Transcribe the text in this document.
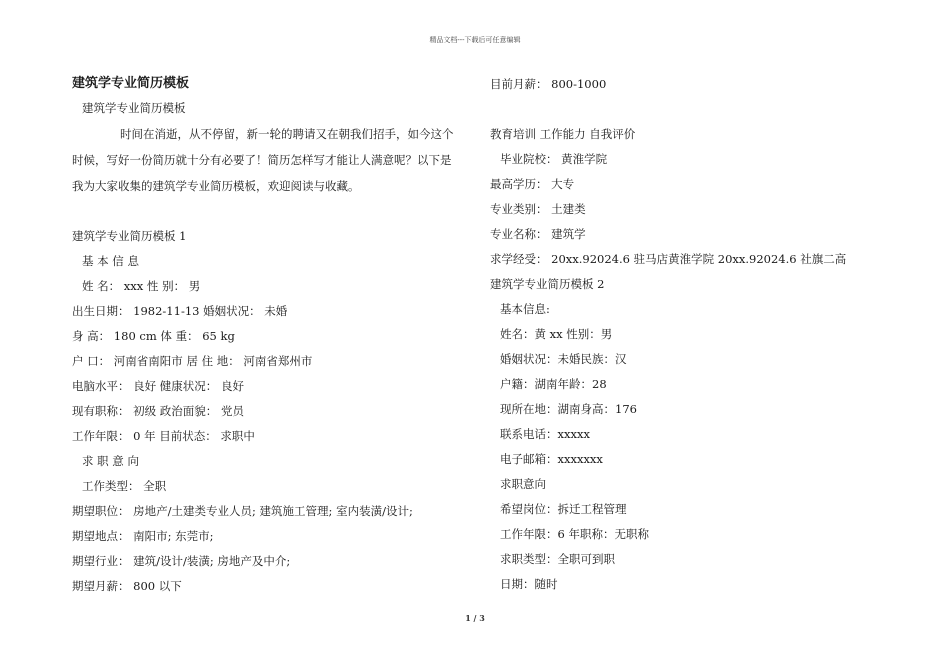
精品文档---下载后可任意编辑
建筑学专业简历模板
建筑学专业简历模板
时间在消逝，从不停留，新一轮的聘请又在朝我们招手，如今这个时候，写好一份简历就十分有必要了！简历怎样写才能让人满意呢？以下是我为大家收集的建筑学专业简历模板，欢迎阅读与收藏。
建筑学专业简历模板 1
基 本 信 息
姓 名： xxx 性 别： 男
出生日期： 1982-11-13 婚姻状况： 未婚
身 高： 180 cm 体 重： 65 kg
户 口： 河南省南阳市 居 住 地： 河南省郑州市
电脑水平： 良好 健康状况： 良好
现有职称： 初级 政治面貌： 党员
工作年限： 0 年 目前状态： 求职中
求 职 意 向
工作类型： 全职
期望职位： 房地产/土建类专业人员; 建筑施工管理; 室内装潢/设计;
期望地点： 南阳市; 东莞市;
期望行业： 建筑/设计/装潢; 房地产及中介;
期望月薪： 800 以下
目前月薪： 800-1000
教育培训 工作能力 自我评价
毕业院校： 黄淮学院
最高学历： 大专
专业类别： 土建类
专业名称： 建筑学
求学经受： 20xx.92024.6 驻马店黄淮学院 20xx.92024.6 社旗二高
建筑学专业简历模板 2
基本信息:
姓名：黄 xx 性别：男
婚姻状况：未婚民族：汉
户籍：湖南年龄：28
现所在地：湖南身高：176
联系电话：xxxxx
电子邮箱：xxxxxxx
求职意向
希望岗位：拆迁工程管理
工作年限：6 年职称：无职称
求职类型：全职可到职
日期：随时
1 / 3
